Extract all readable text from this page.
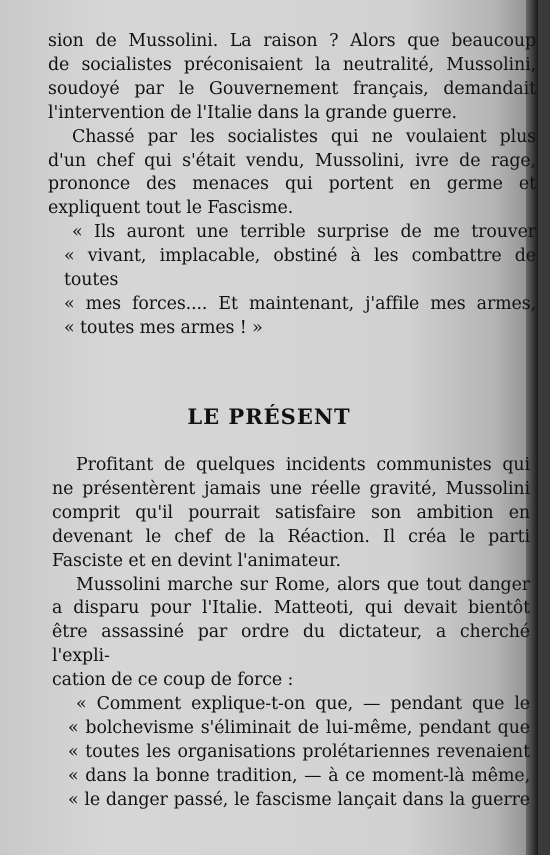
sion de Mussolini. La raison ? Alors que beaucoup

de socialistes préconisaient la neutralité, Mussolini,

soudoyé par le Gouvernement français, demandait

l'intervention de l'Italie dans la grande guerre.

Chassé par les socialistes qui ne voulaient plus

d'un chef qui s'était vendu, Mussolini, ivre de rage,

prononce des menaces qui portent en germe et

expliquent tout le Fascisme.

« Ils auront une terrible surprise de me trouver

« vivant, implacable, obstiné à les combattre de toutes

« mes forces.... Et maintenant, j'affile mes armes,

« toutes mes armes ! »

LE PRÉSENT

Profitant de quelques incidents communistes qui

ne présentèrent jamais une réelle gravité, Mussolini

comprit qu'il pourrait satisfaire son ambition en

devenant le chef de la Réaction. Il créa le parti

Fasciste et en devint l'animateur.

Mussolini marche sur Rome, alors que tout danger

a disparu pour l'Italie. Matteoti, qui devait bientôt

être assassiné par ordre du dictateur, a cherché l'expli-

cation de ce coup de force :

« Comment explique-t-on que, — pendant que le

« bolchevisme s'éliminait de lui-même, pendant que

« toutes les organisations prolétariennes revenaient

« dans la bonne tradition, — à ce moment-là même,

« le danger passé, le fascisme lançait dans la guerre
